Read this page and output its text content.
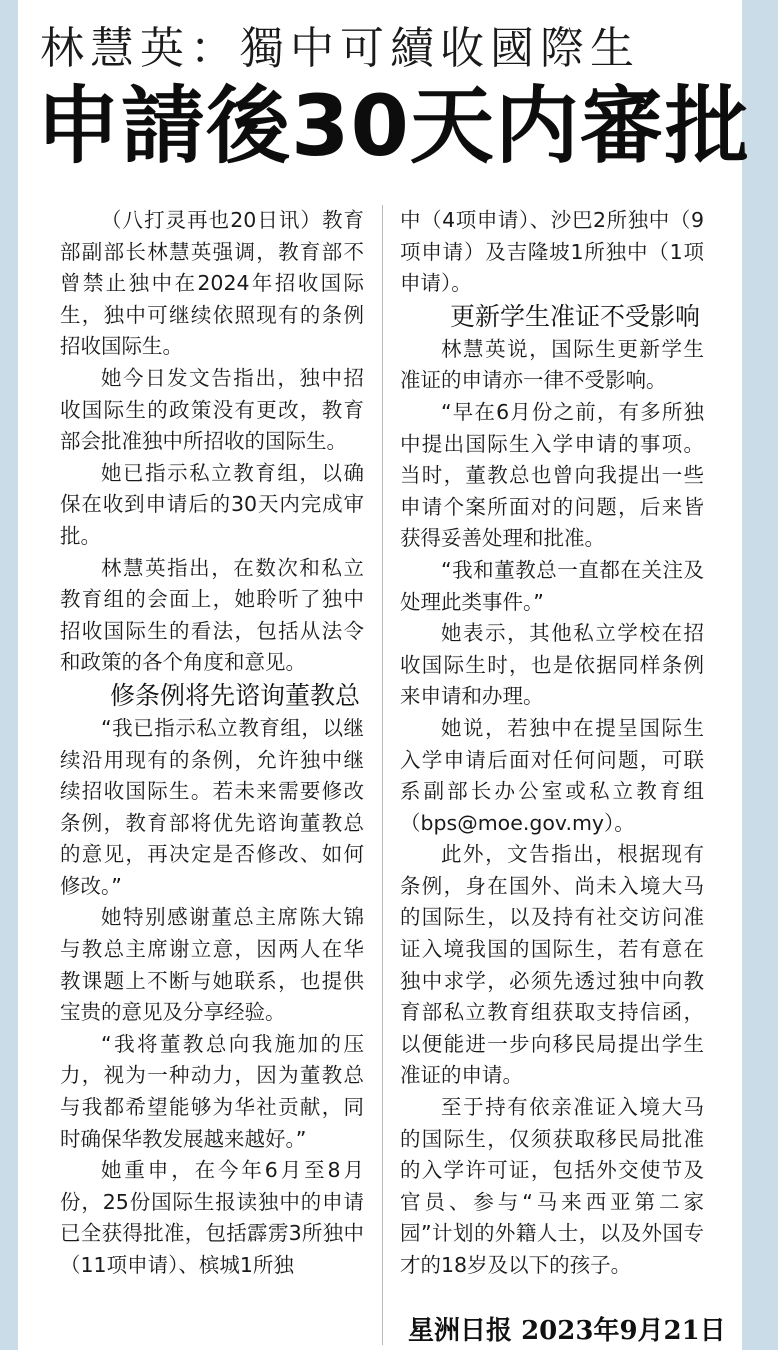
林慧英：獨中可續收國際生
申請後30天内審批

（八打灵再也20日讯）教育部副部长林慧英强调，教育部不曾禁止独中在2024年招收国际生，独中可继续依照现有的条例招收国际生。

她今日发文告指出，独中招收国际生的政策没有更改，教育部会批准独中所招收的国际生。

她已指示私立教育组，以确保在收到申请后的30天内完成审批。

林慧英指出，在数次和私立教育组的会面上，她聆听了独中招收国际生的看法，包括从法令和政策的各个角度和意见。

修条例将先谘询董教总

“我已指示私立教育组，以继续沿用现有的条例，允许独中继续招收国际生。若未来需要修改条例，教育部将优先谘询董教总的意见，再决定是否修改、如何修改。”

她特别感谢董总主席陈大锦与教总主席谢立意，因两人在华教课题上不断与她联系，也提供宝贵的意见及分享经验。

“我将董教总向我施加的压力，视为一种动力，因为董教总与我都希望能够为华社贡献，同时确保华教发展越来越好。”

她重申，在今年6月至8月份，25份国际生报读独中的申请已全获得批准，包括霹雳3所独中（11项申请）、槟城1所独

中（4项申请）、沙巴2所独中（9项申请）及吉隆坡1所独中（1项申请）。

更新学生准证不受影响

林慧英说，国际生更新学生准证的申请亦一律不受影响。

“早在6月份之前，有多所独中提出国际生入学申请的事项。当时，董教总也曾向我提出一些申请个案所面对的问题，后来皆获得妥善处理和批准。

“我和董教总一直都在关注及处理此类事件。”

她表示，其他私立学校在招收国际生时，也是依据同样条例来申请和办理。

她说，若独中在提呈国际生入学申请后面对任何问题，可联系副部长办公室或私立教育组（bps@moe.gov.my）。

此外，文告指出，根据现有条例，身在国外、尚未入境大马的国际生，以及持有社交访问准证入境我国的国际生，若有意在独中求学，必须先透过独中向教育部私立教育组获取支持信函，以便能进一步向移民局提出学生准证的申请。

至于持有依亲准证入境大马的国际生，仅须获取移民局批准的入学许可证，包括外交使节及官员、参与“马来西亚第二家园”计划的外籍人士，以及外国专才的18岁及以下的孩子。

星洲日报 2023年9月21日
